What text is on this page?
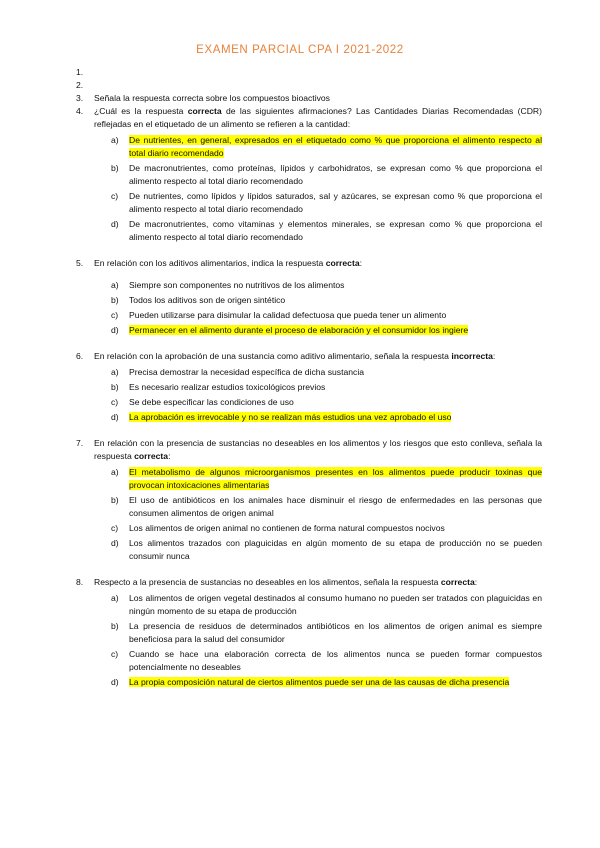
EXAMEN PARCIAL CPA I 2021-2022
1.
2.
3.	Señala la respuesta correcta sobre los compuestos bioactivos
4.	¿Cuál es la respuesta correcta de las siguientes afirmaciones? Las Cantidades Diarias Recomendadas (CDR) reflejadas en el etiquetado de un alimento se refieren a la cantidad:
a)	De nutrientes, en general, expresados en el etiquetado como % que proporciona el alimento respecto al total diario recomendado
b)	De macronutrientes, como proteínas, lípidos y carbohidratos, se expresan como % que proporciona el alimento respecto al total diario recomendado
c)	De nutrientes, como lípidos y lípidos saturados, sal y azúcares, se expresan como % que proporciona el alimento respecto al total diario recomendado
d)	De macronutrientes, como vitaminas y elementos minerales, se expresan como % que proporciona el alimento respecto al total diario recomendado
5.	En relación con los aditivos alimentarios, indica la respuesta correcta:
a)	Siempre son componentes no nutritivos de los alimentos
b)	Todos los aditivos son de origen sintético
c)	Pueden utilizarse para disimular la calidad defectuosa que pueda tener un alimento
d)	Permanecer en el alimento durante el proceso de elaboración y el consumidor los ingiere
6.	En relación con la aprobación de una sustancia como aditivo alimentario, señala la respuesta incorrecta:
a)	Precisa demostrar la necesidad específica de dicha sustancia
b)	Es necesario realizar estudios toxicológicos previos
c)	Se debe especificar las condiciones de uso
d)	La aprobación es irrevocable y no se realizan más estudios una vez aprobado el uso
7.	En relación con la presencia de sustancias no deseables en los alimentos y los riesgos que esto conlleva, señala la respuesta correcta:
a)	El metabolismo de algunos microorganismos presentes en los alimentos puede producir toxinas que provocan intoxicaciones alimentarias
b)	El uso de antibióticos en los animales hace disminuir el riesgo de enfermedades en las personas que consumen alimentos de origen animal
c)	Los alimentos de origen animal no contienen de forma natural compuestos nocivos
d)	Los alimentos trazados con plaguicidas en algún momento de su etapa de producción no se pueden consumir nunca
8.	Respecto a la presencia de sustancias no deseables en los alimentos, señala la respuesta correcta:
a)	Los alimentos de origen vegetal destinados al consumo humano no pueden ser tratados con plaguicidas en ningún momento de su etapa de producción
b)	La presencia de residuos de determinados antibióticos en los alimentos de origen animal es siempre beneficiosa para la salud del consumidor
c)	Cuando se hace una elaboración correcta de los alimentos nunca se pueden formar compuestos potencialmente no deseables
d)	La propia composición natural de ciertos alimentos puede ser una de las causas de dicha presencia
